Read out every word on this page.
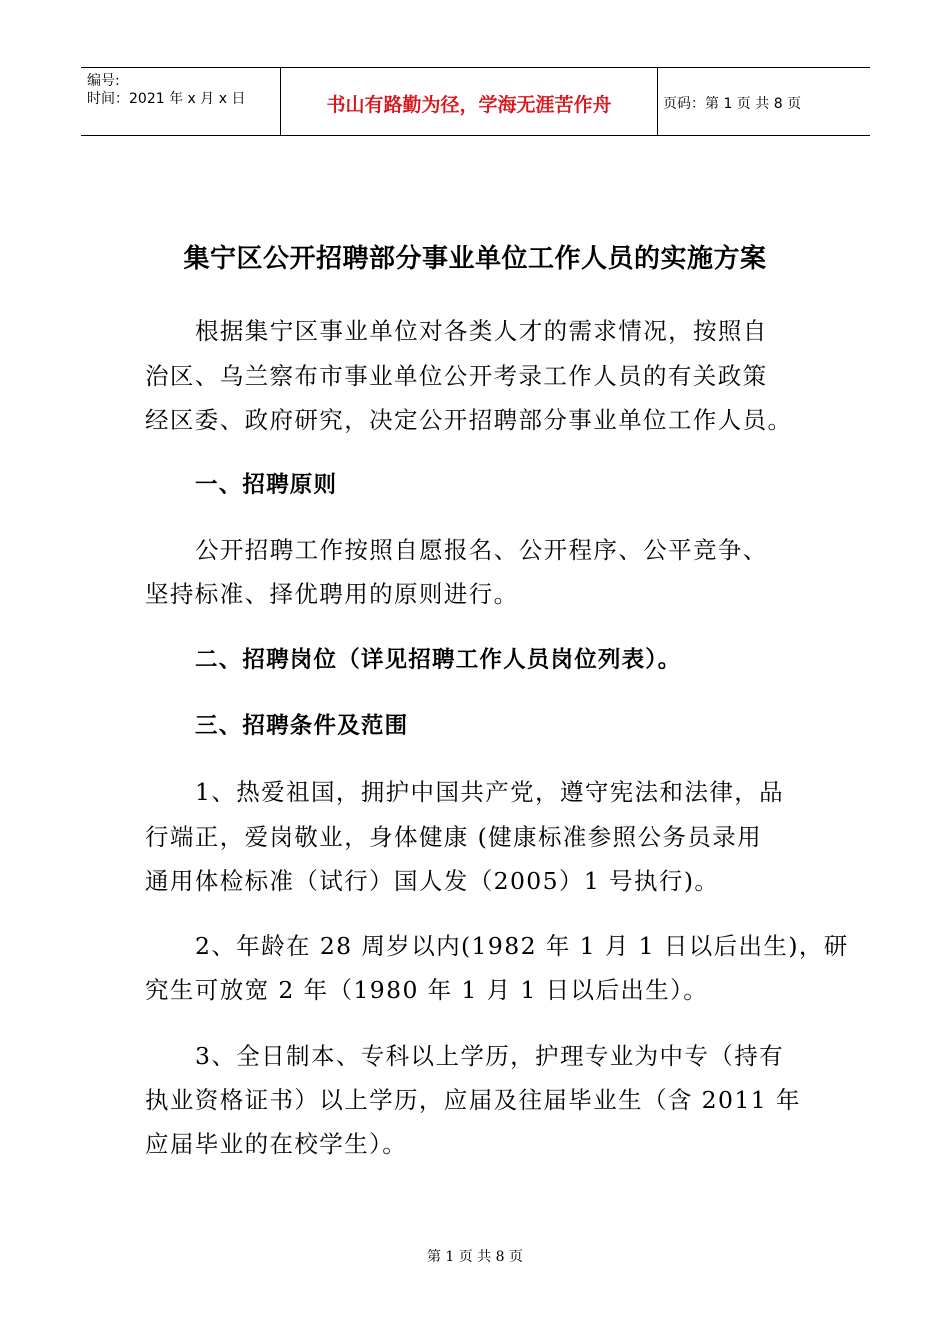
编号:
时间：2021 年 x 月 x 日	书山有路勤为径，学海无涯苦作舟	页码：第 1 页 共 8 页
集宁区公开招聘部分事业单位工作人员的实施方案
根据集宁区事业单位对各类人才的需求情况，按照自
治区、乌兰察布市事业单位公开考录工作人员的有关政策
经区委、政府研究，决定公开招聘部分事业单位工作人员。
一、招聘原则
公开招聘工作按照自愿报名、公开程序、公平竞争、
坚持标准、择优聘用的原则进行。
二、招聘岗位（详见招聘工作人员岗位列表）。
三、招聘条件及范围
1、热爱祖国，拥护中国共产党，遵守宪法和法律，品
行端正，爱岗敬业，身体健康 (健康标准参照公务员录用
通用体检标准（试行）国人发（2005）1 号执行)。
2、年龄在 28 周岁以内(1982 年 1 月 1 日以后出生)，研
究生可放宽 2 年（1980 年 1 月 1 日以后出生）。
3、全日制本、专科以上学历，护理专业为中专（持有
执业资格证书）以上学历，应届及往届毕业生（含 2011 年
应届毕业的在校学生）。
第 1 页 共 8 页
